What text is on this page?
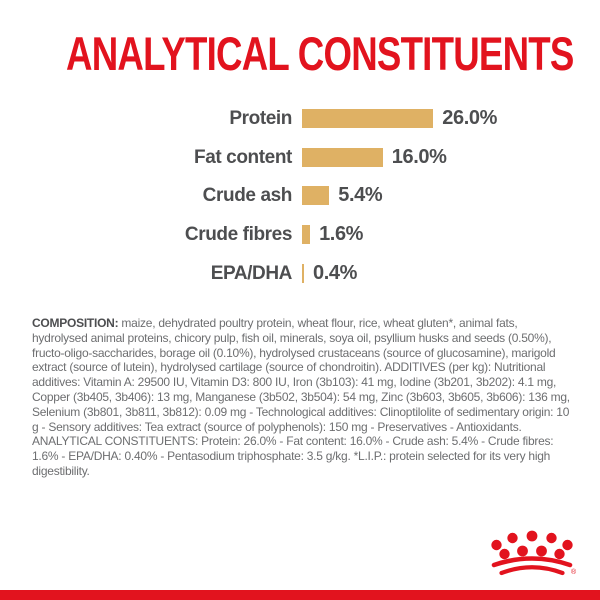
ANALYTICAL CONSTITUENTS
Protein	26.0%
Fat content	16.0%
Crude ash	5.4%
Crude fibres	1.6%
EPA/DHA	0.4%
COMPOSITION: maize, dehydrated poultry protein, wheat flour, rice, wheat gluten*, animal fats, hydrolysed animal proteins, chicory pulp, fish oil, minerals, soya oil, psyllium husks and seeds (0.50%), fructo-oligo-saccharides, borage oil (0.10%), hydrolysed crustaceans (source of glucosamine), marigold extract (source of lutein), hydrolysed cartilage (source of chondroitin). ADDITIVES (per kg): Nutritional additives: Vitamin A: 29500 IU, Vitamin D3: 800 IU, Iron (3b103): 41 mg, Iodine (3b201, 3b202): 4.1 mg, Copper (3b405, 3b406): 13 mg, Manganese (3b502, 3b504): 54 mg, Zinc (3b603, 3b605, 3b606): 136 mg, Selenium (3b801, 3b811, 3b812): 0.09 mg - Technological additives: Clinoptilolite of sedimentary origin: 10 g - Sensory additives: Tea extract (source of polyphenols): 150 mg - Preservatives - Antioxidants. ANALYTICAL CONSTITUENTS: Protein: 26.0% - Fat content: 16.0% - Crude ash: 5.4% - Crude fibres: 1.6% - EPA/DHA: 0.40% - Pentasodium triphosphate: 3.5 g/kg. *L.I.P.: protein selected for its very high digestibility.
®
